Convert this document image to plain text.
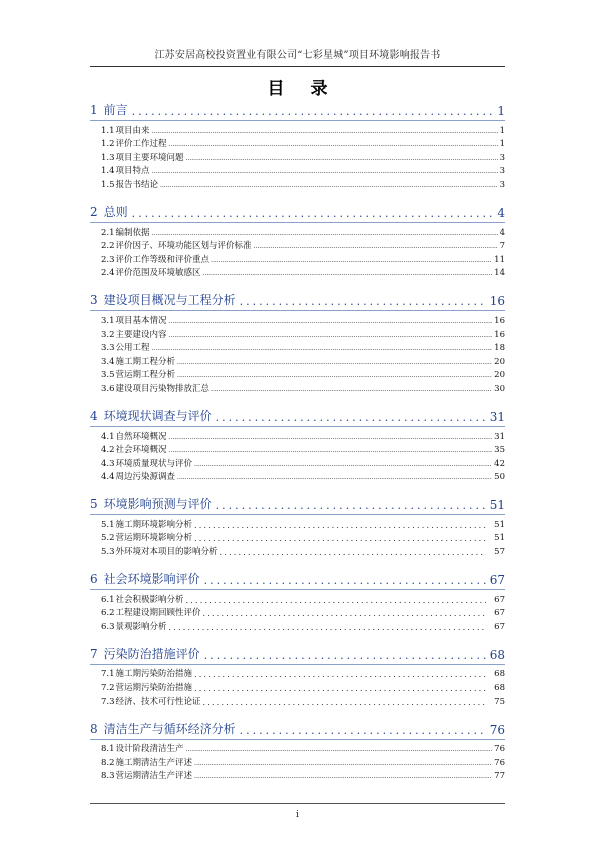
江苏安居高校投资置业有限公司“七彩星城”项目环境影响报告书
目 录
1 前言 .....	1
1.1项目由来 .....	1
1.2评价工作过程 .....	1
1.3项目主要环境问题 .....	3
1.4项目特点 .....	3
1.5报告书结论 .....	3
2 总则 .....	4
2.1编制依据 .....	4
2.2评价因子、环境功能区划与评价标准 .....	7
2.3评价工作等级和评价重点 .....	11
2.4评价范围及环境敏感区 .....	14
3 建设项目概况与工程分析 .....	16
3.1项目基本情况 .....	16
3.2主要建设内容 .....	16
3.3公用工程 .....	18
3.4施工期工程分析 .....	20
3.5营运期工程分析 .....	20
3.6建设项目污染物排放汇总 .....	30
4 环境现状调查与评价 .....	31
4.1自然环境概况 .....	31
4.2社会环境概况 .....	35
4.3环境质量现状与评价 .....	42
4.4周边污染源调查 .....	50
5 环境影响预测与评价 .....	51
5.1施工期环境影响分析 .....	51
5.2营运期环境影响分析 .....	51
5.3外环境对本项目的影响分析 .....	57
6 社会环境影响评价 .....	67
6.1社会积极影响分析 .....	67
6.2工程建设期回顾性评价 .....	67
6.3景观影响分析 .....	67
7 污染防治措施评价 .....	68
7.1施工期污染防治措施 .....	68
7.2营运期污染防治措施 .....	68
7.3经济、技术可行性论证 .....	75
8 清洁生产与循环经济分析 .....	76
8.1设计阶段清洁生产 .....	76
8.2施工期清洁生产评述 .....	76
8.3营运期清洁生产评述 .....	77
i
